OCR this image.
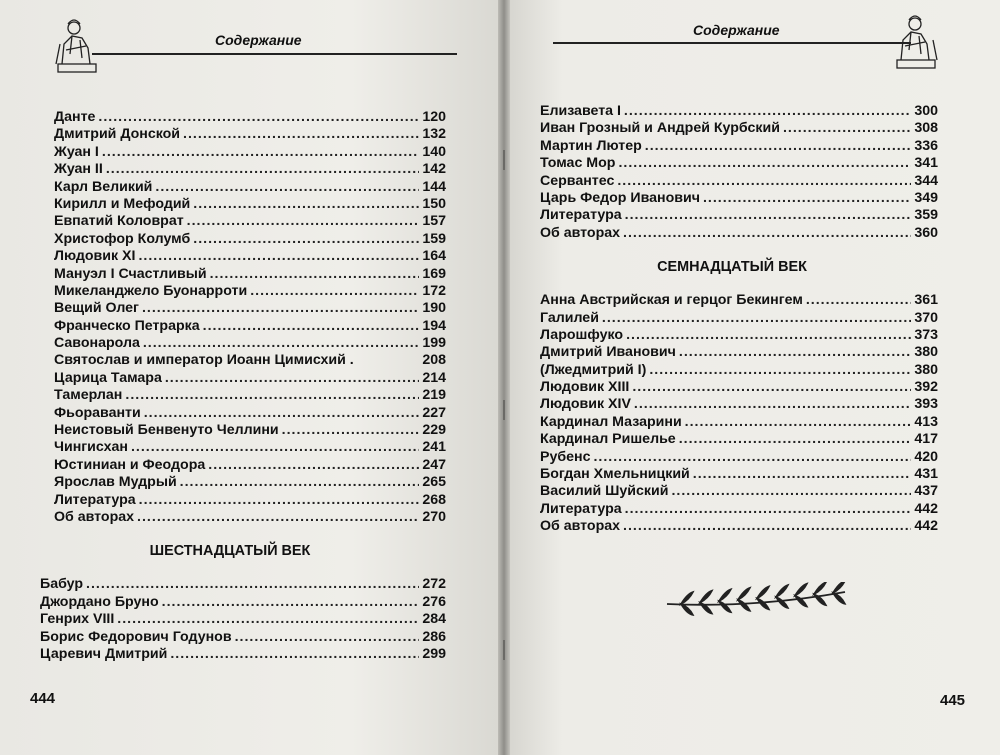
Содержание
Данте .....	120
Дмитрий Донской .....	132
Жуан I .....	140
Жуан II .....	142
Карл Великий .....	144
Кирилл и Мефодий .....	150
Евпатий Коловрат .....	157
Христофор Колумб .....	159
Людовик XI .....	164
Мануэл I Счастливый .....	169
Микеланджело Буонарроти .....	172
Вещий Олег .....	190
Франческо Петрарка .....	194
Савонарола .....	199
Святослав и император Иоанн Цимисхий .	208
Царица Тамара .....	214
Тамерлан .....	219
Фьораванти .....	227
Неистовый Бенвенуто Челлини .....	229
Чингисхан .....	241
Юстиниан и Феодора .....	247
Ярослав Мудрый .....	265
Литература .....	268
Об авторах .....	270
ШЕСТНАДЦАТЫЙ ВЕК
Бабур .....	272
Джордано Бруно .....	276
Генрих VIII .....	284
Борис Федорович Годунов .....	286
Царевич Дмитрий .....	299
444
Содержание
Елизавета I .....	300
Иван Грозный и Андрей Курбский .....	308
Мартин Лютер .....	336
Томас Мор .....	341
Сервантес .....	344
Царь Федор Иванович .....	349
Литература .....	359
Об авторах .....	360
СЕМНАДЦАТЫЙ ВЕК
Анна Австрийская и герцог Бекингем .....	361
Галилей .....	370
Ларошфуко .....	373
Дмитрий Иванович .....	380
(Лжедмитрий I) .....	380
Людовик XIII .....	392
Людовик XIV .....	393
Кардинал Мазарини .....	413
Кардинал Ришелье .....	417
Рубенс .....	420
Богдан Хмельницкий .....	431
Василий Шуйский .....	437
Литература .....	442
Об авторах .....	442
445
